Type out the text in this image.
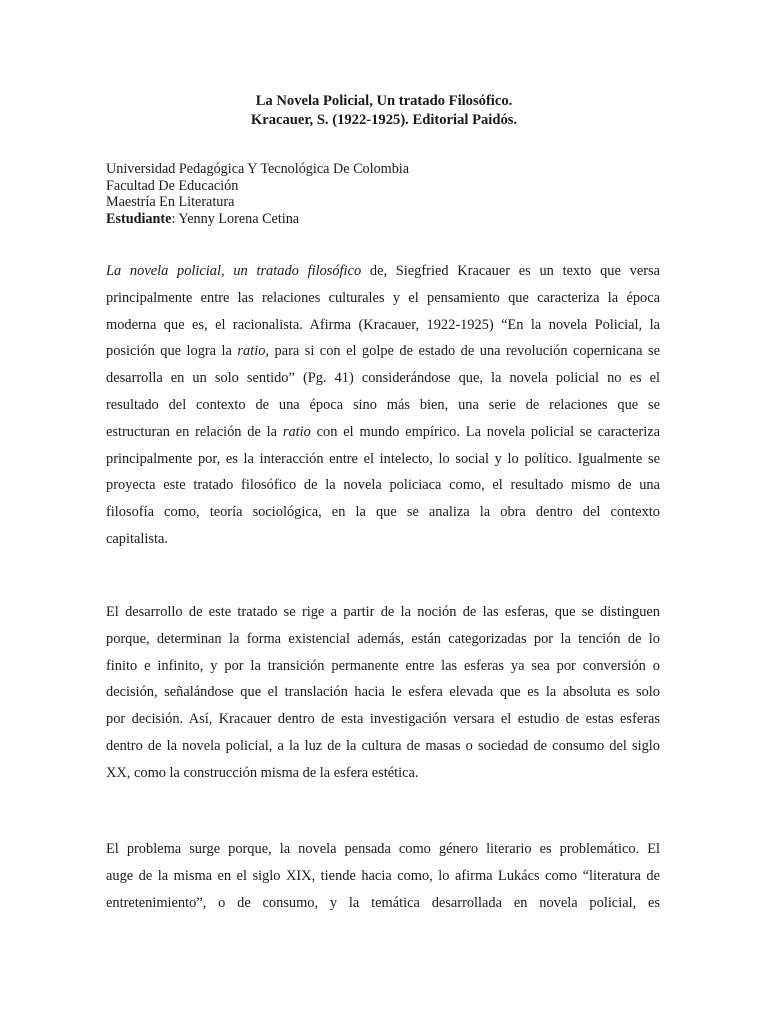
La Novela Policial, Un tratado Filosófico.
Kracauer, S. (1922-1925). Editorial Paidós.
Universidad Pedagógica Y Tecnológica De Colombia
Facultad De Educación
Maestría En Literatura
Estudiante: Yenny Lorena Cetina
La novela policial, un tratado filosófico de, Siegfried Kracauer es un texto que versa
principalmente entre las relaciones culturales y el pensamiento que caracteriza la época
moderna que es, el racionalista. Afirma (Kracauer, 1922-1925) “En la novela Policial, la
posición que logra la ratio, para si con el golpe de estado de una revolución copernicana se
desarrolla en un solo sentido” (Pg. 41) considerándose que, la novela policial no es el
resultado del contexto de una época sino más bien, una serie de relaciones que se
estructuran en relación de la ratio con el mundo empírico. La novela policial se caracteriza
principalmente por, es la interacción entre el intelecto, lo social y lo político. Igualmente se
proyecta este tratado filosófico de la novela policiaca como, el resultado mismo de una
filosofía como, teoría sociológica, en la que se analiza la obra dentro del contexto
capitalista.
El desarrollo de este tratado se rige a partir de la noción de las esferas, que se distinguen
porque, determinan la forma existencial además, están categorizadas por la tención de lo
finito e infinito, y por la transición permanente entre las esferas ya sea por conversión o
decisión, señalándose que el translación hacia le esfera elevada que es la absoluta es solo
por decisión. Así, Kracauer dentro de esta investigación versara el estudio de estas esferas
dentro de la novela policial, a la luz de la cultura de masas o sociedad de consumo del siglo
XX, como la construcción misma de la esfera estética.
El problema surge porque, la novela pensada como género literario es problemático. El
auge de la misma en el siglo XIX, tiende hacia como, lo afirma Lukács como “literatura de
entretenimiento”, o de consumo, y la temática desarrollada en novela policial, es
